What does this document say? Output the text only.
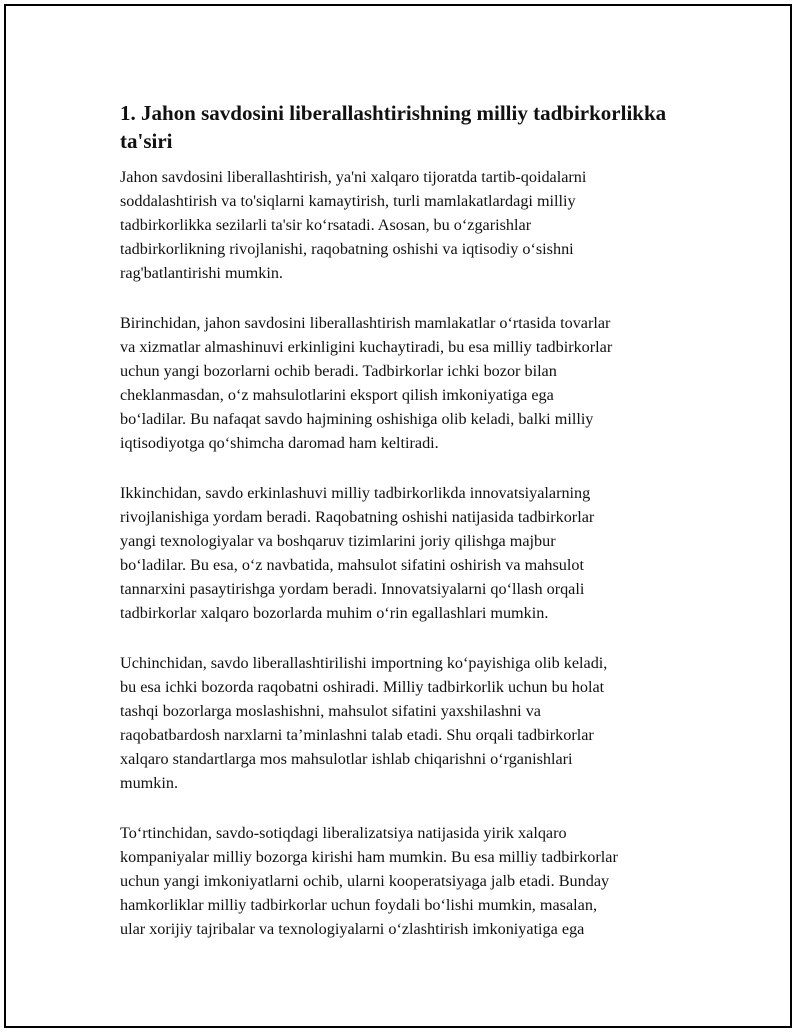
1. Jahon savdosini liberallashtirishning milliy tadbirkorlikka
ta'siri

Jahon savdosini liberallashtirish, ya'ni xalqaro tijoratda tartib-qoidalarni
soddalashtirish va to'siqlarni kamaytirish, turli mamlakatlardagi milliy
tadbirkorlikka sezilarli ta'sir ko‘rsatadi. Asosan, bu o‘zgarishlar
tadbirkorlikning rivojlanishi, raqobatning oshishi va iqtisodiy o‘sishni
rag'batlantirishi mumkin.

Birinchidan, jahon savdosini liberallashtirish mamlakatlar o‘rtasida tovarlar
va xizmatlar almashinuvi erkinligini kuchaytiradi, bu esa milliy tadbirkorlar
uchun yangi bozorlarni ochib beradi. Tadbirkorlar ichki bozor bilan
cheklanmasdan, o‘z mahsulotlarini eksport qilish imkoniyatiga ega
bo‘ladilar. Bu nafaqat savdo hajmining oshishiga olib keladi, balki milliy
iqtisodiyotga qo‘shimcha daromad ham keltiradi.

Ikkinchidan, savdo erkinlashuvi milliy tadbirkorlikda innovatsiyalarning
rivojlanishiga yordam beradi. Raqobatning oshishi natijasida tadbirkorlar
yangi texnologiyalar va boshqaruv tizimlarini joriy qilishga majbur
bo‘ladilar. Bu esa, o‘z navbatida, mahsulot sifatini oshirish va mahsulot
tannarxini pasaytirishga yordam beradi. Innovatsiyalarni qo‘llash orqali
tadbirkorlar xalqaro bozorlarda muhim o‘rin egallashlari mumkin.

Uchinchidan, savdo liberallashtirilishi importning ko‘payishiga olib keladi,
bu esa ichki bozorda raqobatni oshiradi. Milliy tadbirkorlik uchun bu holat
tashqi bozorlarga moslashishni, mahsulot sifatini yaxshilashni va
raqobatbardosh narxlarni ta’minlashni talab etadi. Shu orqali tadbirkorlar
xalqaro standartlarga mos mahsulotlar ishlab chiqarishni o‘rganishlari
mumkin.

To‘rtinchidan, savdo-sotiqdagi liberalizatsiya natijasida yirik xalqaro
kompaniyalar milliy bozorga kirishi ham mumkin. Bu esa milliy tadbirkorlar
uchun yangi imkoniyatlarni ochib, ularni kooperatsiyaga jalb etadi. Bunday
hamkorliklar milliy tadbirkorlar uchun foydali bo‘lishi mumkin, masalan,
ular xorijiy tajribalar va texnologiyalarni o‘zlashtirish imkoniyatiga ega
